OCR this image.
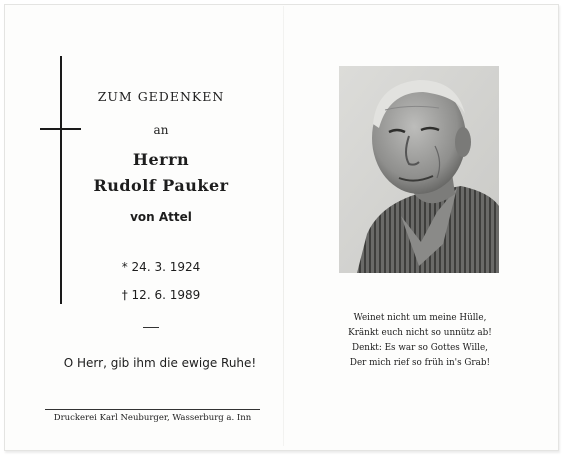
ZUM GEDENKEN
an
Herrn
Rudolf Pauker
von Attel
* 24. 3. 1924
† 12. 6. 1989
O Herr, gib ihm die ewige Ruhe!
Druckerei Karl Neuburger, Wasserburg a. Inn
Weinet nicht um meine Hülle,
Kränkt euch nicht so unnütz ab!
Denkt: Es war so Gottes Wille,
Der mich rief so früh in's Grab!
